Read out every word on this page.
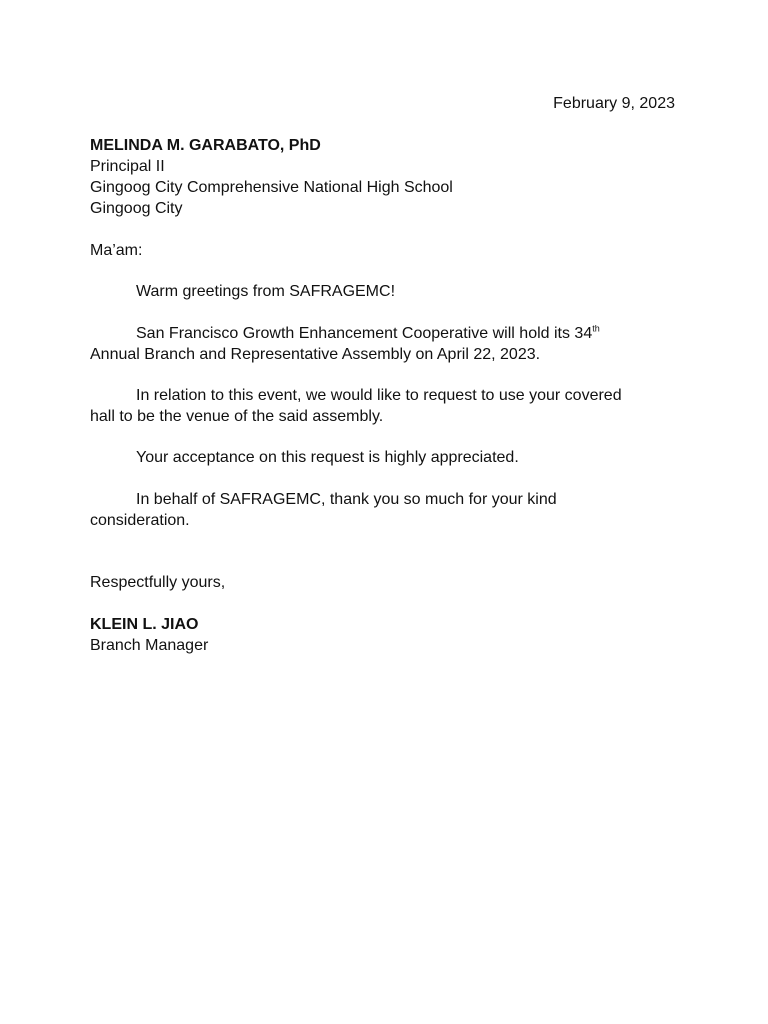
February 9, 2023
MELINDA M. GARABATO, PhD
Principal II
Gingoog City Comprehensive National High School
Gingoog City
Ma’am:
Warm greetings from SAFRAGEMC!
San Francisco Growth Enhancement Cooperative will hold its 34th
Annual Branch and Representative Assembly on April 22, 2023.
In relation to this event, we would like to request to use your covered
hall to be the venue of the said assembly.
Your acceptance on this request is highly appreciated.
In behalf of SAFRAGEMC, thank you so much for your kind
consideration.
Respectfully yours,
KLEIN L. JIAO
Branch Manager
